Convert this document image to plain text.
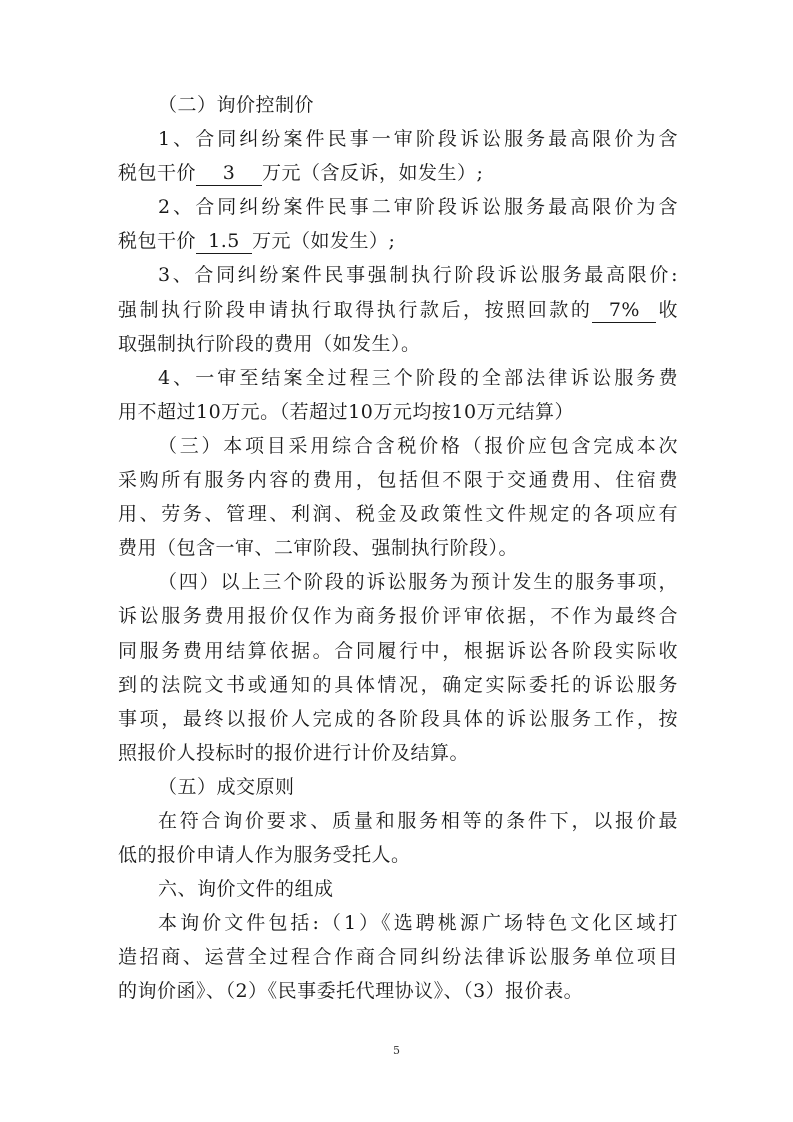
（二）询价控制价
1、合同纠纷案件民事一审阶段诉讼服务最高限价为含
税包干价 3 万元（含反诉，如发生）;
2、合同纠纷案件民事二审阶段诉讼服务最高限价为含
税包干价 1.5 万元（如发生）;
3、合同纠纷案件民事强制执行阶段诉讼服务最高限价:
强制执行阶段申请执行取得执行款后，按照回款的 7% 收
取强制执行阶段的费用（如发生）。
4、一审至结案全过程三个阶段的全部法律诉讼服务费
用不超过10万元。（若超过10万元均按10万元结算）
（三）本项目采用综合含税价格（报价应包含完成本次
采购所有服务内容的费用，包括但不限于交通费用、住宿费
用、劳务、管理、利润、税金及政策性文件规定的各项应有
费用（包含一审、二审阶段、强制执行阶段）。
（四）以上三个阶段的诉讼服务为预计发生的服务事项，
诉讼服务费用报价仅作为商务报价评审依据，不作为最终合
同服务费用结算依据。合同履行中，根据诉讼各阶段实际收
到的法院文书或通知的具体情况，确定实际委托的诉讼服务
事项，最终以报价人完成的各阶段具体的诉讼服务工作，按
照报价人投标时的报价进行计价及结算。
（五）成交原则
在符合询价要求、质量和服务相等的条件下，以报价最
低的报价申请人作为服务受托人。
六、询价文件的组成
本询价文件包括:（1）《选聘桃源广场特色文化区域打
造招商、运营全过程合作商合同纠纷法律诉讼服务单位项目
的询价函》、（2）《民事委托代理协议》、（3）报价表。
5
